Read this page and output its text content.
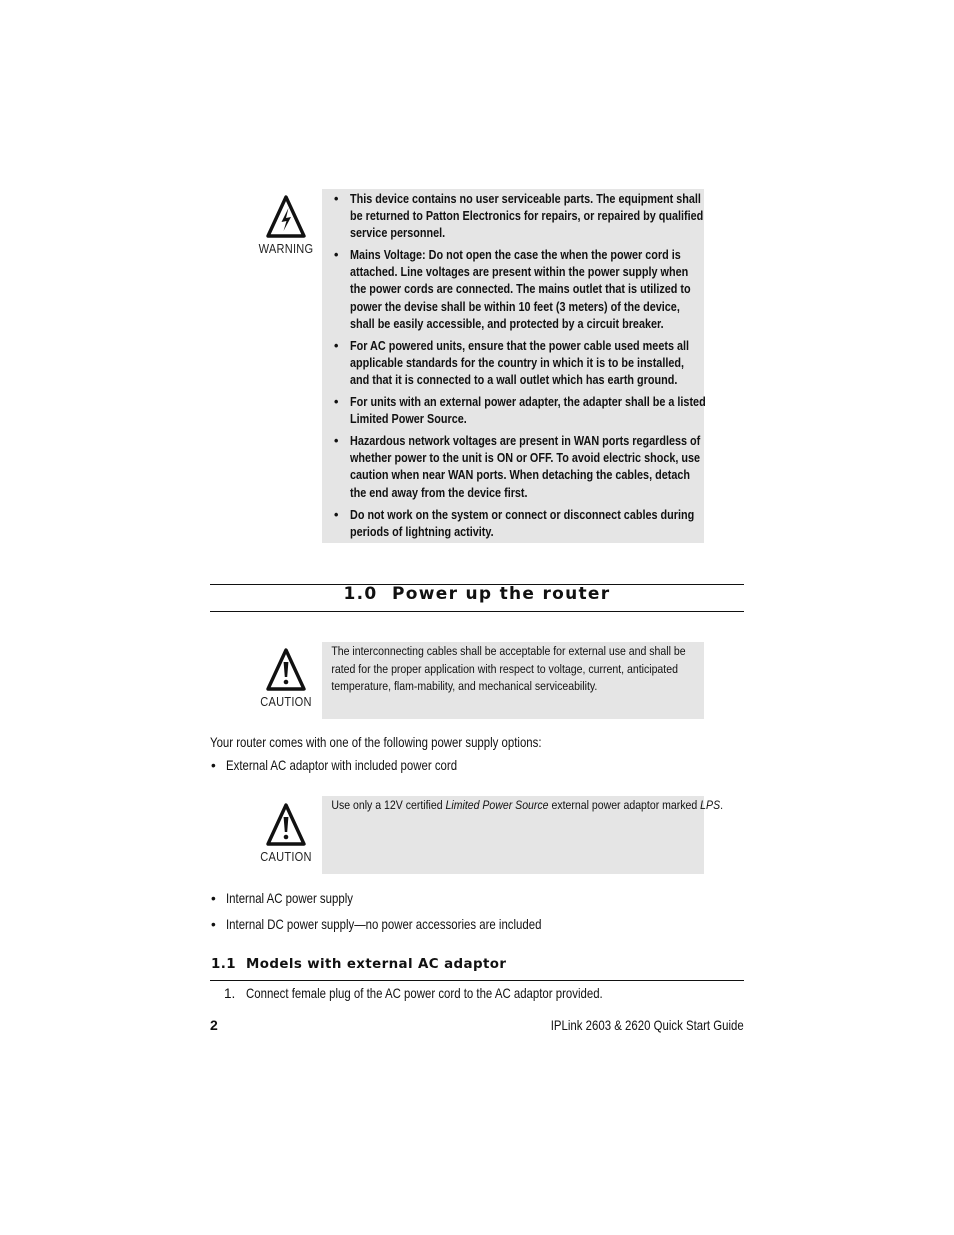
WARNING
• This device contains no user serviceable parts. The equipment shall be returned to Patton Electronics for repairs, or repaired by qualified service personnel.
• Mains Voltage: Do not open the case the when the power cord is attached. Line voltages are present within the power supply when the power cords are connected. The mains outlet that is utilized to power the devise shall be within 10 feet (3 meters) of the device, shall be easily accessible, and protected by a circuit breaker.
• For AC powered units, ensure that the power cable used meets all applicable standards for the country in which it is to be installed, and that it is connected to a wall outlet which has earth ground.
• For units with an external power adapter, the adapter shall be a listed Limited Power Source.
• Hazardous network voltages are present in WAN ports regardless of whether power to the unit is ON or OFF. To avoid electric shock, use caution when near WAN ports. When detaching the cables, detach the end away from the device first.
• Do not work on the system or connect or disconnect cables during periods of lightning activity.
1.0 Power up the router
CAUTION
The interconnecting cables shall be acceptable for external use and shall be rated for the proper application with respect to voltage, current, anticipated temperature, flam-mability, and mechanical serviceability.
Your router comes with one of the following power supply options:
• External AC adaptor with included power cord
CAUTION
Use only a 12V certified Limited Power Source external power adaptor marked LPS.
• Internal AC power supply
• Internal DC power supply—no power accessories are included
1.1 Models with external AC adaptor
1. Connect female plug of the AC power cord to the AC adaptor provided.
2	IPLink 2603 & 2620 Quick Start Guide
